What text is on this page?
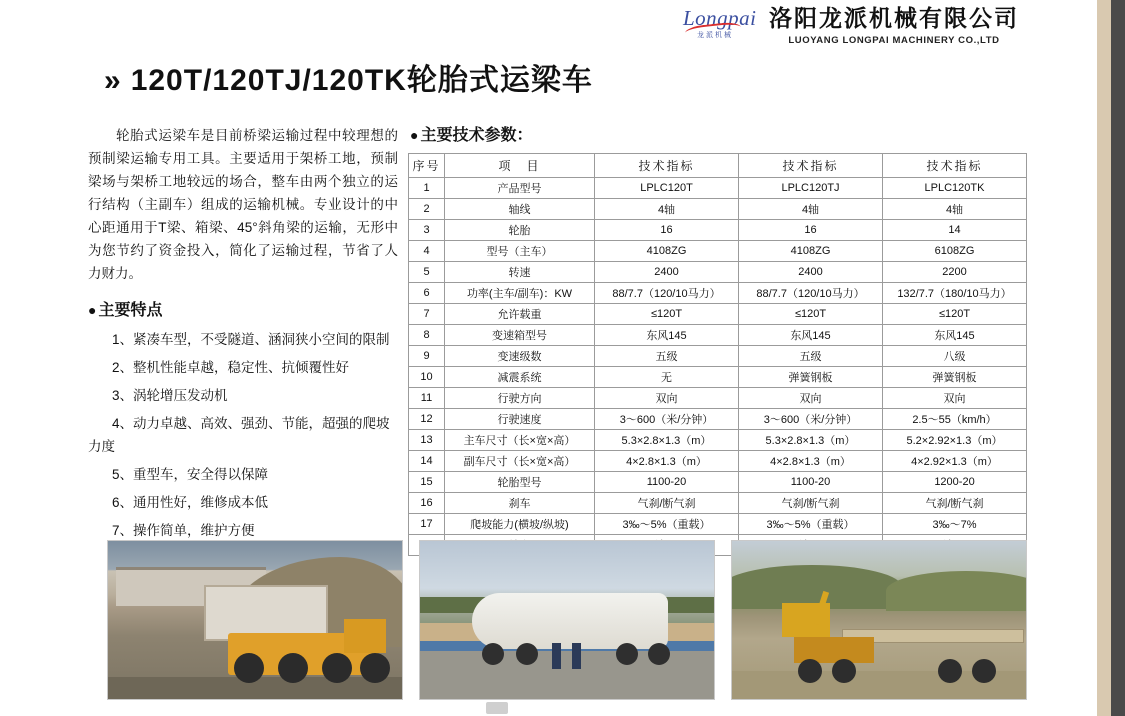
Longpai
龙派机械
洛阳龙派机械有限公司
LUOYANG LONGPAI MACHINERY CO.,LTD
» 120T/120TJ/120TK轮胎式运梁车

轮胎式运梁车是目前桥梁运输过程中较理想的预制梁运输专用工具。主要适用于架桥工地，预制梁场与架桥工地较远的场合，整车由两个独立的运行结构（主副车）组成的运输机械。专业设计的中心距通用于T梁、箱梁、45°斜角梁的运输，无形中为您节约了资金投入，简化了运输过程，节省了人力财力。

● 主要特点
1、紧凑车型，不受隧道、涵洞狭小空间的限制
2、整机性能卓越，稳定性、抗倾覆性好
3、涡轮增压发动机
4、动力卓越、高效、强劲、节能，超强的爬坡力度
5、重型车，安全得以保障
6、通用性好，维修成本低
7、操作简单，维护方便
● 主要技术参数：
序号	项　目	技术指标	技术指标	技术指标
1	产品型号	LPLC120T	LPLC120TJ	LPLC120TK
2	轴线	4轴	4轴	4轴
3	轮胎	16	16	14
4	型号（主车）	4108ZG	4108ZG	6108ZG
5	转速	2400	2400	2200
6	功率(主车/副车)：KW	88/7.7（120/10马力）	88/7.7（120/10马力）	132/7.7（180/10马力）
7	允许载重	≤120T	≤120T	≤120T
8	变速箱型号	东风145	东风145	东风145
9	变速级数	五级	五级	八级
10	减震系统	无	弹簧钢板	弹簧钢板
11	行驶方向	双向	双向	双向
12	行驶速度	3～600（米/分钟）	3～600（米/分钟）	2.5～55（km/h）
13	主车尺寸（长×宽×高）	5.3×2.8×1.3（m）	5.3×2.8×1.3（m）	5.2×2.92×1.3（m）
14	副车尺寸（长×宽×高）	4×2.8×1.3（m）	4×2.8×1.3（m）	4×2.92×1.3（m）
15	轮胎型号	1100-20	1100-20	1200-20
16	刹车	气刹/断气刹	气刹/断气刹	气刹/断气刹
17	爬坡能力(横坡/纵坡)	3‰～5%（重载）	3‰～5%（重载）	3‰～7%
